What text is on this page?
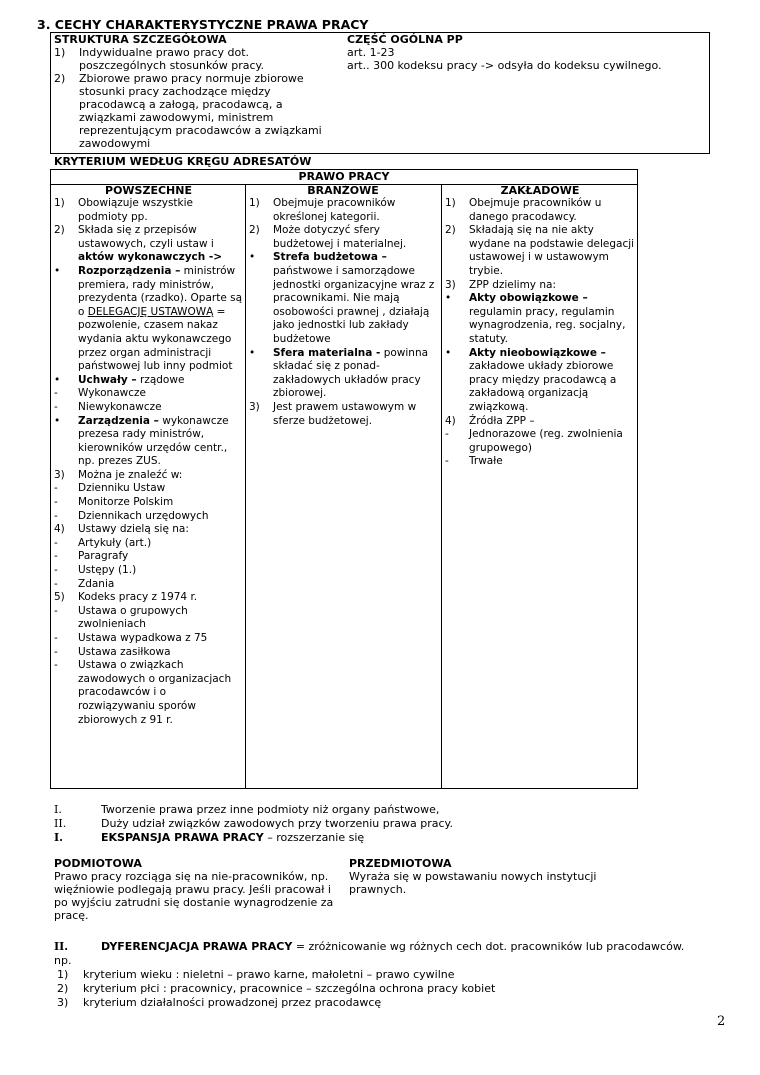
3. CECHY CHARAKTERYSTYCZNE PRAWA PRACY
STRUKTURA SZCZEGÓŁOWA
1) Indywidualne prawo pracy dot. poszczególnych stosunków pracy.
2) Zbiorowe prawo pracy normuje zbiorowe stosunki pracy zachodzące między pracodawcą a załogą, pracodawcą, a związkami zawodowymi, ministrem reprezentującym pracodawców a związkami zawodowymi
CZĘŚĆ OGÓLNA PP
art. 1-23
art.. 300 kodeksu pracy -> odsyła do kodeksu cywilnego.
KRYTERIUM WEDŁUG KRĘGU ADRESATÓW
PRAWO PRACY
POWSZECHNE
1) Obowiązuje wszystkie podmioty pp.
2) Składa się z przepisów ustawowych, czyli ustaw i aktów wykonawczych ->
• Rozporządzenia – ministrów premiera, rady ministrów, prezydenta (rzadko). Oparte są o DELEGACJĘ USTAWOWĄ = pozwolenie, czasem nakaz wydania aktu wykonawczego przez organ administracji państwowej lub inny podmiot
• Uchwały – rządowe
- Wykonawcze
- Niewykonawcze
• Zarządzenia – wykonawcze prezesa rady ministrów, kierowników urzędów centr., np. prezes ZUS.
3) Można je znaleźć w:
- Dzienniku Ustaw
- Monitorze Polskim
- Dziennikach urzędowych
4) Ustawy dzielą się na:
- Artykuły (art.)
- Paragrafy
- Ustępy (1.)
- Zdania
5) Kodeks pracy z 1974 r.
- Ustawa o grupowych zwolnieniach
- Ustawa wypadkowa z 75
- Ustawa zasiłkowa
- Ustawa o związkach zawodowych o organizacjach pracodawców i o rozwiązywaniu sporów zbiorowych z 91 r.
BRANŻOWE
1) Obejmuje pracowników określonej kategorii.
2) Może dotyczyć sfery budżetowej i materialnej.
• Strefa budżetowa – państwowe i samorządowe jednostki organizacyjne wraz z pracownikami. Nie mają osobowości prawnej , działają jako jednostki lub zakłady budżetowe
• Sfera materialna - powinna składać się z ponad-zakładowych układów pracy zbiorowej.
3) Jest prawem ustawowym w sferze budżetowej.
ZAKŁADOWE
1) Obejmuje pracowników u danego pracodawcy.
2) Składają się na nie akty wydane na podstawie delegacji ustawowej i w ustawowym trybie.
3) ZPP dzielimy na:
• Akty obowiązkowe – regulamin pracy, regulamin wynagrodzenia, reg. socjalny, statuty.
• Akty nieobowiązkowe – zakładowe układy zbiorowe pracy między pracodawcą a zakładową organizacją związkową.
4) Źródła ZPP –
- Jednorazowe (reg. zwolnienia grupowego)
- Trwałe
I.	Tworzenie prawa przez inne podmioty niż organy państwowe,
II.	Duży udział związków zawodowych przy tworzeniu prawa pracy.
I.	EKSPANSJA PRAWA PRACY – rozszerzanie się
PODMIOTOWA
Prawo pracy rozciąga się na nie-pracowników, np. więźniowie podlegają prawu pracy. Jeśli pracował i po wyjściu zatrudni się dostanie wynagrodzenie za pracę.
PRZEDMIOTOWA
Wyraża się w powstawaniu nowych instytucji prawnych.
II.	DYFERENCJACJA PRAWA PRACY = zróżnicowanie wg różnych cech dot. pracowników lub pracodawców.
np.
1) kryterium wieku : nieletni – prawo karne, małoletni – prawo cywilne
2) kryterium płci : pracownicy, pracownice – szczególna ochrona pracy kobiet
3) kryterium działalności prowadzonej przez pracodawcę
2
